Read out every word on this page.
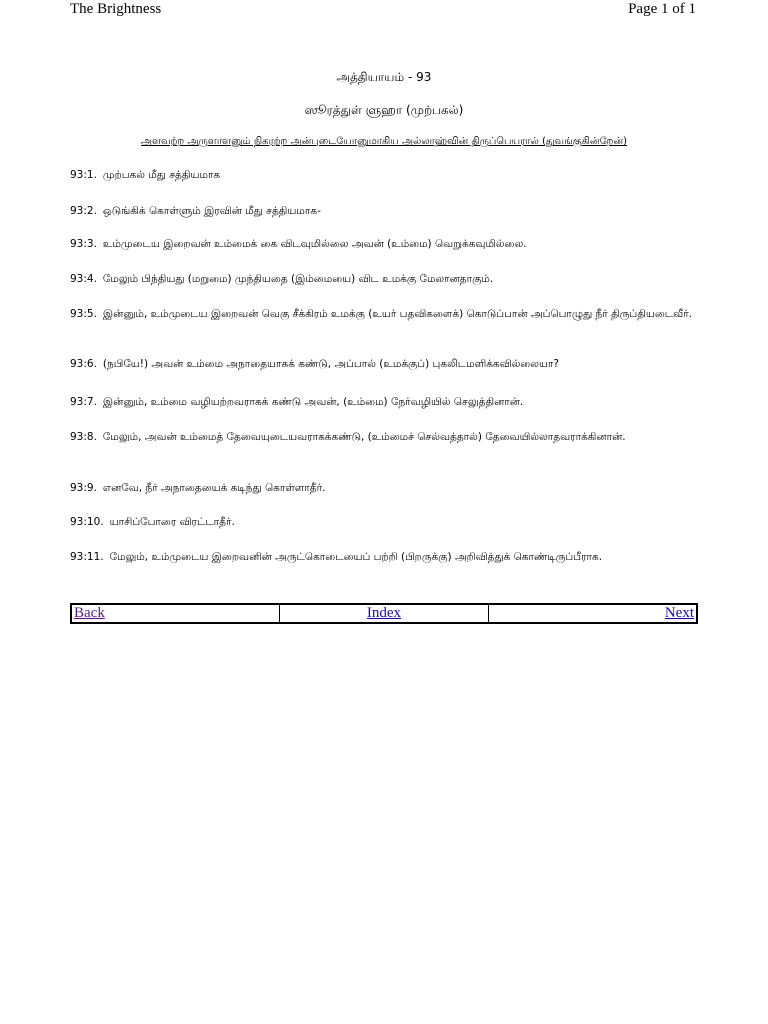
The Brightness	Page 1 of 1
அத்தியாயம் - 93
ஸூரத்துள் ளுஹா (முற்பகல்)
அளவற்ற அருளாளனும் நிகரற்ற அன்புடையோனுமாகிய அல்லாஹ்வின் திருப்பெயரால் (துவங்குகின்றேன்)

93:1. முற்பகல் மீது சத்தியமாக

93:2. ஒடுங்கிக் கொள்ளும் இரவின் மீது சத்தியமாக-

93:3. உம்முடைய இறைவன் உம்மைக் கை விடவுமில்லை அவன் (உம்மை) வெறுக்கவுமில்லை.

93:4. மேலும் பிந்தியது (மறுமை) முந்தியதை (இம்மையை) விட உமக்கு மேலானதாகும்.

93:5. இன்னும், உம்முடைய இறைவன் வெகு சீக்கிரம் உமக்கு (உயர் பதவிகளைக்) கொடுப்பான் அப்பொழுது நீர் திருப்தியடைவீர்.

93:6. (நபியே!) அவன் உம்மை அநாதையாகக் கண்டு, அப்பால் (உமக்குப்) புகலிடமளிக்கவில்லையா?

93:7. இன்னும், உம்மை வழியற்றவராகக் கண்டு அவன், (உம்மை) நேர்வழியில் செலுத்தினான்.

93:8. மேலும், அவன் உம்மைத் தேவையுடையவராகக்கண்டு, (உம்மைச் செல்வத்தால்) தேவையில்லாதவராக்கினான்.

93:9. எனவே, நீர் அநாதையைக் கடிந்து கொள்ளாதீர்.

93:10. யாசிப்போரை விரட்டாதீர்.

93:11. மேலும், உம்முடைய இறைவனின் அருட்கொடையைப் பற்றி (பிறருக்கு) அறிவித்துக் கொண்டிருப்பீராக.

Back	Index	Next
